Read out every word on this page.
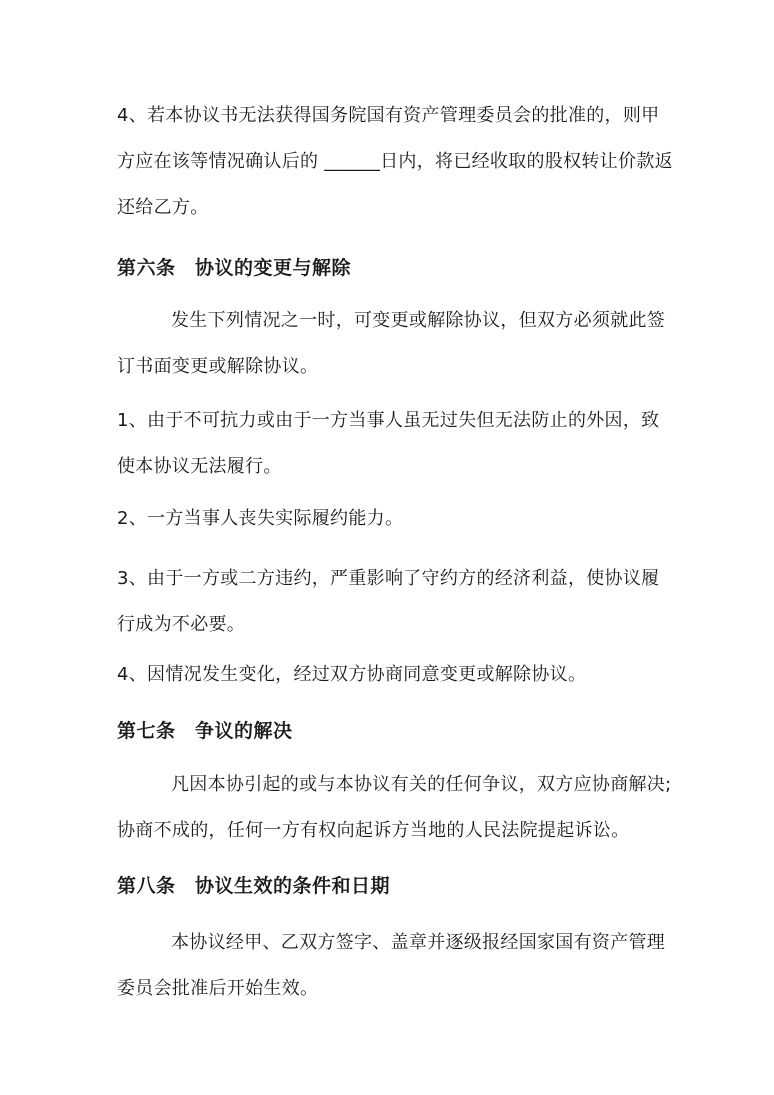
4、若本协议书无法获得国务院国有资产管理委员会的批准的，则甲方应在该等情况确认后的 ______日内，将已经收取的股权转让价款返还给乙方。

第六条　协议的变更与解除

发生下列情况之一时，可变更或解除协议，但双方必须就此签订书面变更或解除协议。

1、由于不可抗力或由于一方当事人虽无过失但无法防止的外因，致使本协议无法履行。

2、一方当事人丧失实际履约能力。

3、由于一方或二方违约，严重影响了守约方的经济利益，使协议履行成为不必要。

4、因情况发生变化，经过双方协商同意变更或解除协议。

第七条　争议的解决

凡因本协引起的或与本协议有关的任何争议，双方应协商解决;协商不成的，任何一方有权向起诉方当地的人民法院提起诉讼。

第八条　协议生效的条件和日期

本协议经甲、乙双方签字、盖章并逐级报经国家国有资产管理委员会批准后开始生效。
